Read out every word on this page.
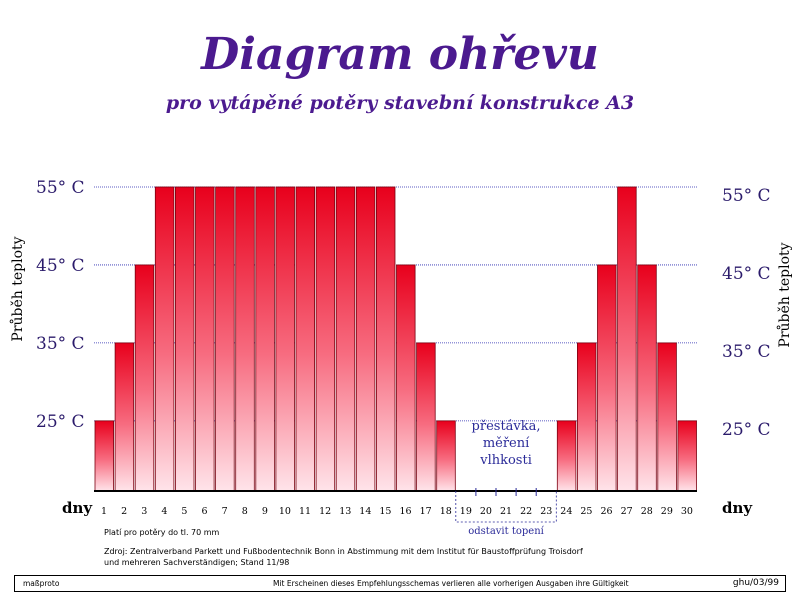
Diagram ohřevu
pro vytápěné potěry stavební konstrukce A3
25° C	25° C
35° C	35° C
45° C	45° C
55° C	55° C
1 2 3 4 5 6 7 8 9 10 11 12 13 14 15 16 17 18 19 20 21 22 23 24 25 26 27 28 29 30
přestávka,
měření
vlhkosti
odstavit topení
dny	dny
Průběh teploty	Průběh teploty
Platí pro potěry do tl. 70 mm
Zdroj: Zentralverband Parkett und Fußbodentechnik Bonn in Abstimmung mit dem Institut für Baustoffprüfung Troisdorf
und mehreren Sachverständigen; Stand 11/98
maßproto	Mit Erscheinen dieses Empfehlungsschemas verlieren alle vorherigen Ausgaben ihre Gültigkeit	ghu/03/99
